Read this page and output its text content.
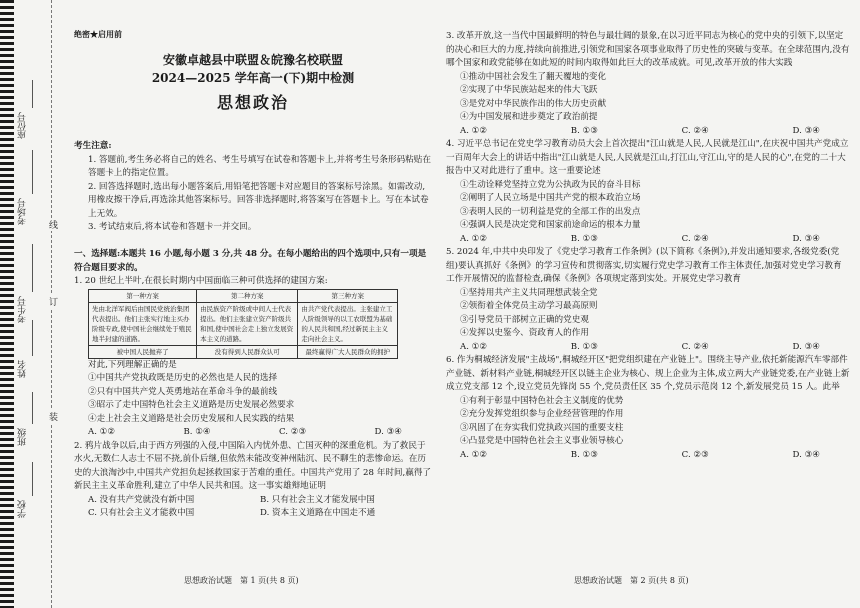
座位号
考场号
考生号
姓名
班级
学校
线
订
装
绝密★启用前
安徽卓越县中联盟＆皖豫名校联盟
2024—2025 学年高一(下)期中检测
思想政治

考生注意:

1. 答题前,考生务必将自己的姓名、考生号填写在试卷和答题卡上,并将考生号条形码粘贴在答题卡上的指定位置。

2. 回答选择题时,选出每小题答案后,用铅笔把答题卡对应题目的答案标号涂黑。如需改动,用橡皮擦干净后,再选涂其他答案标号。回答非选择题时,将答案写在答题卡上。写在本试卷上无效。

3. 考试结束后,将本试卷和答题卡一并交回。

一、选择题:本题共 16 小题,每小题 3 分,共 48 分。在每小题给出的四个选项中,只有一项是符合题目要求的。

1. 20 世纪上半叶,在很长时期内中国面临三种可供选择的建国方案:

第一种方案	第二种方案	第三种方案
先由北洋军阀后由国民党统治集团代表提出。他们主张实行地主买办阶级专政,使中国社会继续处于殖民地半封建的道路。	由民族资产阶级或中间人士代表提出。他们主张建立资产阶级共和国,使中国社会走上独立发展资本主义的道路。	由共产党代表提出。主张建立工人阶级领导的以工农联盟为基础的人民共和国,经过新民主主义走向社会主义。
被中国人民抛弃了	没有得到人民群众认可	最终赢得广大人民群众的拥护

对此,下列理解正确的是

①中国共产党执政既是历史的必然也是人民的选择

②只有中国共产党人英勇地站在革命斗争的最前线

③昭示了走中国特色社会主义道路是历史发展必然要求

④走上社会主义道路是社会历史发展和人民实践的结果

A. ①②	B. ①④	C. ②③	D. ③④

2. 鸦片战争以后,由于西方列强的入侵,中国陷入内忧外患、亡国灭种的深重危机。为了救民于水火,无数仁人志士不屈不挠,前仆后继,但依然未能改变神州陆沉、民不聊生的悲惨命运。在历史的大浪淘沙中,中国共产党担负起拯救国家于苦难的重任。中国共产党用了 28 年时间,赢得了新民主主义革命胜利,建立了中华人民共和国。这一事实雄辩地证明

A. 没有共产党就没有新中国	B. 只有社会主义才能发展中国
C. 只有社会主义才能救中国	D. 资本主义道路在中国走不通
思想政治试题　第 1 页(共 8 页)

3. 改革开放,这一当代中国最鲜明的特色与最壮阔的景象,在以习近平同志为核心的党中央的引领下,以坚定的决心和巨大的力度,持续向前推进,引领党和国家各项事业取得了历史性的突破与变革。在全球范围内,没有哪个国家和政党能够在如此短的时间内取得如此巨大的改革成就。可见,改革开放的伟大实践

①推动中国社会发生了翻天覆地的变化

②实现了中华民族站起来的伟大飞跃

③是党对中华民族作出的伟大历史贡献

④为中国发展和进步奠定了政治前提

A. ①②	B. ①③	C. ②④	D. ③④

4. 习近平总书记在党史学习教育动员大会上首次提出"江山就是人民,人民就是江山",在庆祝中国共产党成立一百周年大会上的讲话中指出"江山就是人民,人民就是江山,打江山,守江山,守的是人民的心",在党的二十大报告中又对此进行了重申。这一重要论述

①生动诠释党坚持立党为公执政为民的奋斗目标

②阐明了人民立场是中国共产党的根本政治立场

③表明人民的一切利益是党的全部工作的出发点

④强调人民是决定党和国家前途命运的根本力量

A. ①②	B. ①③	C. ②④	D. ③④

5. 2024 年,中共中央印发了《党史学习教育工作条例》(以下简称《条例》),并发出通知要求,各级党委(党组)要认真抓好《条例》的学习宣传和贯彻落实,切实履行党史学习教育工作主体责任,加强对党史学习教育工作开展情况的监督检查,确保《条例》各项规定落到实处。开展党史学习教育

①坚持用共产主义共同理想武装全党

②领衔着全体党员主动学习最高原则

③引导党员干部树立正确的党史观

④发挥以史鉴今、资政育人的作用

A. ①②	B. ①③	C. ②④	D. ③④

6. 作为桐城经济发展"主战场",桐城经开区"把党组织建在产业链上"。围绕主导产业,依托新能源汽车零部件产业链、新材料产业链,桐城经开区以链主企业为核心、规上企业为主体,成立两大产业链党委,在产业链上新成立党支部 12 个,设立党员先锋岗 55 个,党员责任区 35 个,党员示范岗 12 个,新发展党员 15 人。此举

①有利于彰显中国特色社会主义制度的优势

②充分发挥党组织参与企业经营管理的作用

③巩固了在夯实我们党执政兴国的重要支柱

④凸显党是中国特色社会主义事业领导核心

A. ①②	B. ①③	C. ②③	D. ③④
思想政治试题　第 2 页(共 8 页)
